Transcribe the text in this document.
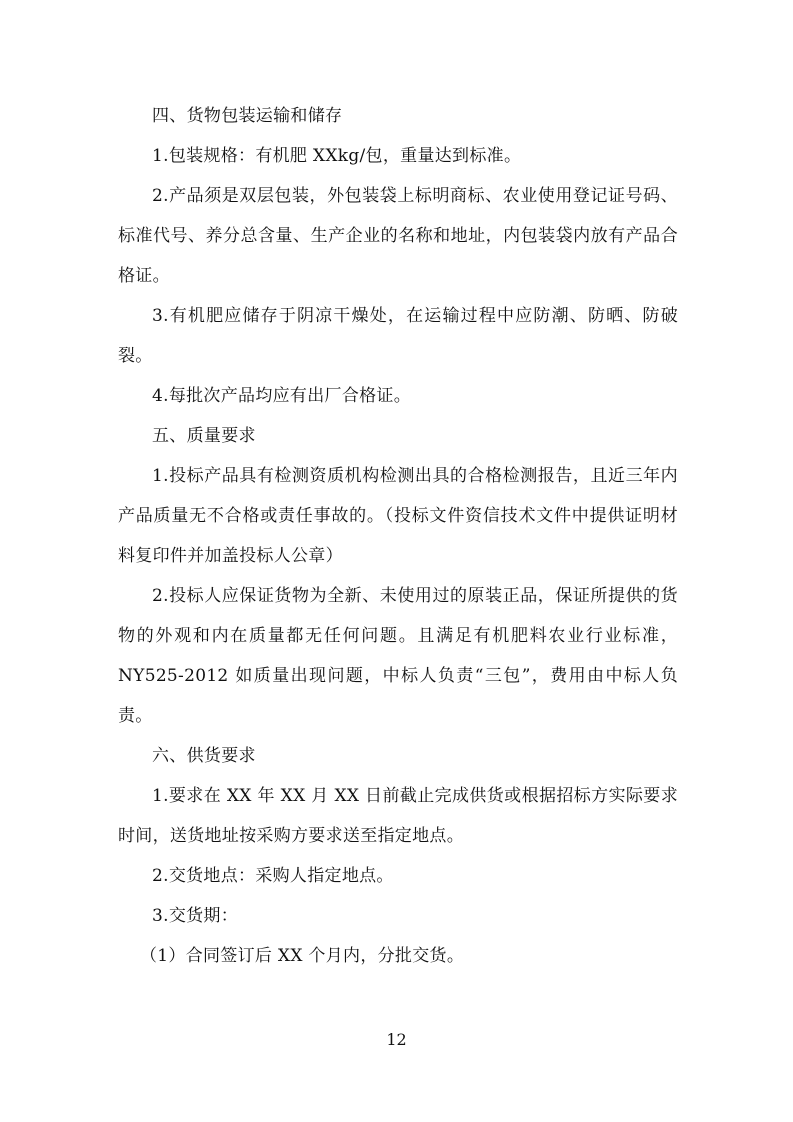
四、货物包装运输和储存

1.包装规格：有机肥 XXkg/包，重量达到标准。

2.产品须是双层包装，外包装袋上标明商标、农业使用登记证号码、标准代号、养分总含量、生产企业的名称和地址，内包装袋内放有产品合格证。

3.有机肥应储存于阴凉干燥处，在运输过程中应防潮、防晒、防破裂。

4.每批次产品均应有出厂合格证。

五、质量要求

1.投标产品具有检测资质机构检测出具的合格检测报告，且近三年内产品质量无不合格或责任事故的。（投标文件资信技术文件中提供证明材料复印件并加盖投标人公章）

2.投标人应保证货物为全新、未使用过的原装正品，保证所提供的货物的外观和内在质量都无任何问题。且满足有机肥料农业行业标准，NY525-2012 如质量出现问题，中标人负责“三包”，费用由中标人负责。

六、供货要求

1.要求在 XX 年 XX 月 XX 日前截止完成供货或根据招标方实际要求时间，送货地址按采购方要求送至指定地点。

2.交货地点：采购人指定地点。

3.交货期：

（1）合同签订后 XX 个月内，分批交货。

12
